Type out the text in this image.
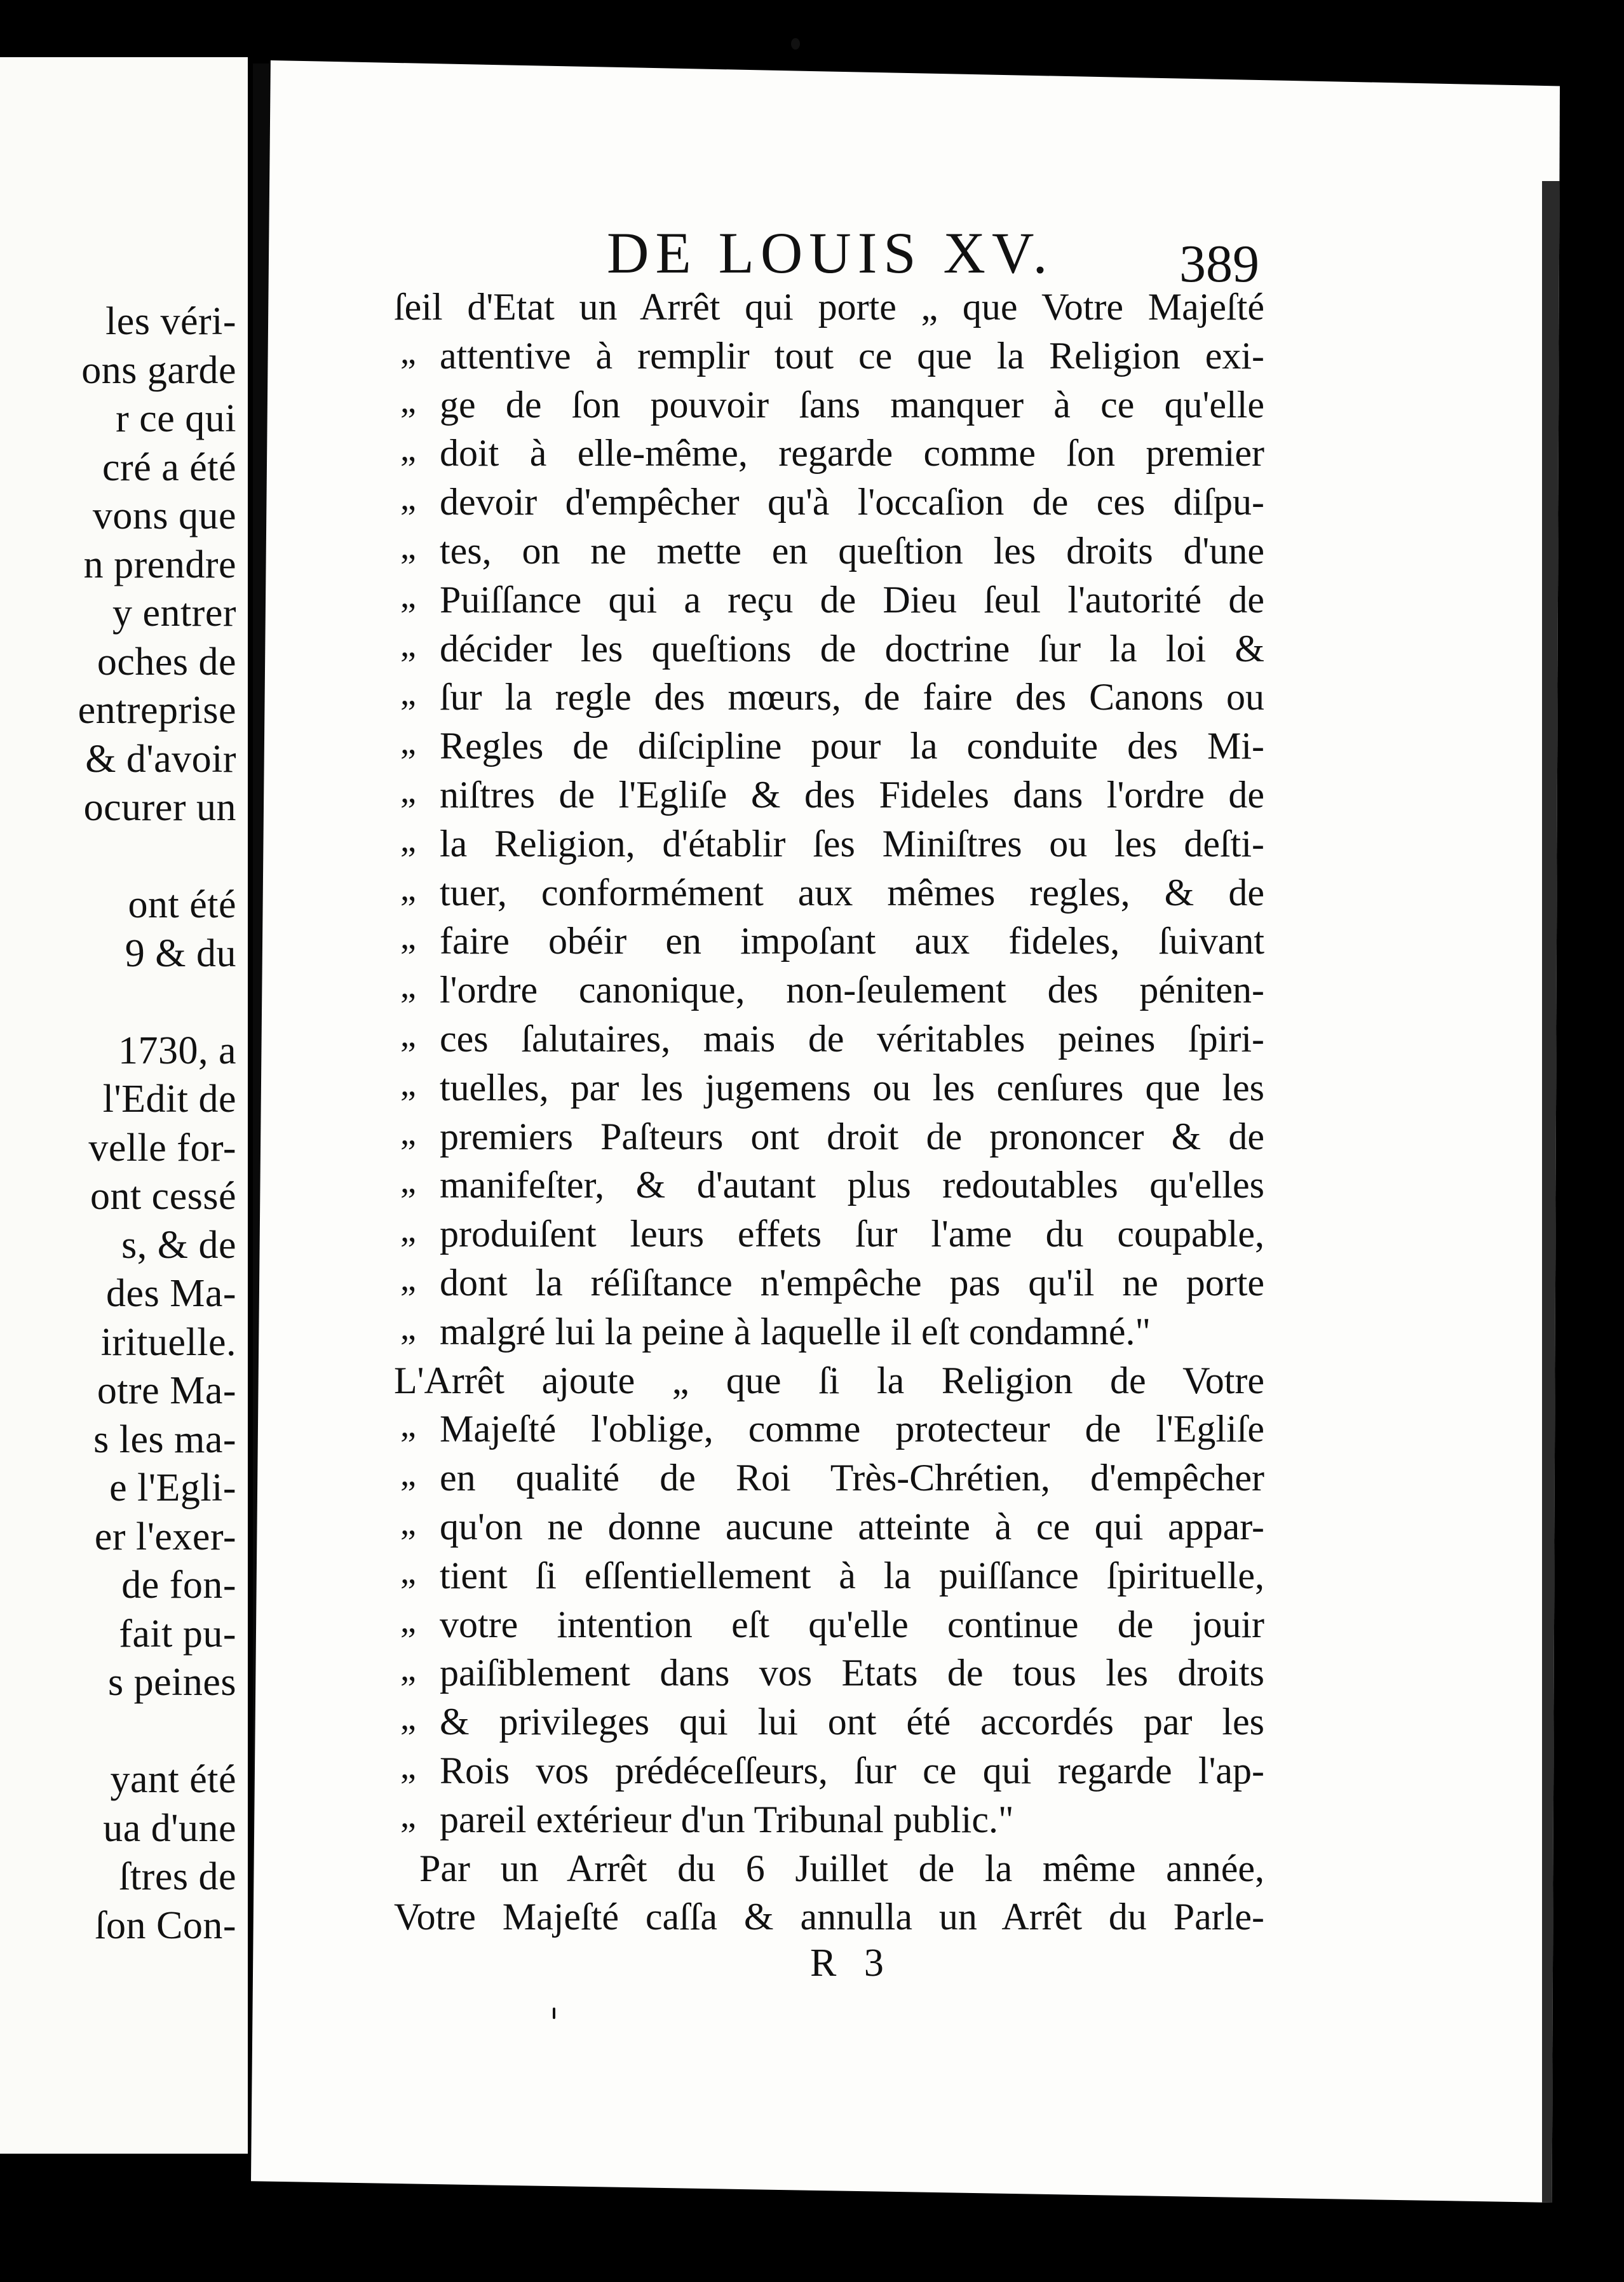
les véri-
ons garde
r ce qui
cré a été
vons que
n prendre
y entrer
oches de
entreprise
& d'avoir
ocurer un
ont été
9 & du
1730, a
l'Edit de
velle for-
ont cessé
s, & de
des Ma-
irituelle.
otre Ma-
s les ma-
e l'Egli-
er l'exer-
de fon-
fait pu-
s peines
yant été
ua d'une
ſtres de
ſon Con-
DE LOUIS XV. 389
ſeil d'Etat un Arrêt qui porte „ que Votre Majeſté
„ attentive à remplir tout ce que la Religion exi-
„ ge de ſon pouvoir ſans manquer à ce qu'elle
„ doit à elle-même, regarde comme ſon premier
„ devoir d'empêcher qu'à l'occaſion de ces diſpu-
„ tes, on ne mette en queſtion les droits d'une
„ Puiſſance qui a reçu de Dieu ſeul l'autorité de
„ décider les queſtions de doctrine ſur la loi &
„ ſur la regle des mœurs, de faire des Canons ou
„ Regles de diſcipline pour la conduite des Mi-
„ niſtres de l'Egliſe & des Fideles dans l'ordre de
„ la Religion, d'établir ſes Miniſtres ou les deſti-
„ tuer, conformément aux mêmes regles, & de
„ faire obéir en impoſant aux fideles, ſuivant
„ l'ordre canonique, non-ſeulement des péniten-
„ ces ſalutaires, mais de véritables peines ſpiri-
„ tuelles, par les jugemens ou les cenſures que les
„ premiers Paſteurs ont droit de prononcer & de
„ manifeſter, & d'autant plus redoutables qu'elles
„ produiſent leurs effets ſur l'ame du coupable,
„ dont la réſiſtance n'empêche pas qu'il ne porte
„ malgré lui la peine à laquelle il eſt condamné."
L'Arrêt ajoute „ que ſi la Religion de Votre
„ Majeſté l'oblige, comme protecteur de l'Egliſe
„ en qualité de Roi Très-Chrétien, d'empêcher
„ qu'on ne donne aucune atteinte à ce qui appar-
„ tient ſi eſſentiellement à la puiſſance ſpirituelle,
„ votre intention eſt qu'elle continue de jouir
„ paiſiblement dans vos Etats de tous les droits
„ & privileges qui lui ont été accordés par les
„ Rois vos prédéceſſeurs, ſur ce qui regarde l'ap-
„ pareil extérieur d'un Tribunal public."
Par un Arrêt du 6 Juillet de la même année,
Votre Majeſté caſſa & annulla un Arrêt du Parle-
R 3
